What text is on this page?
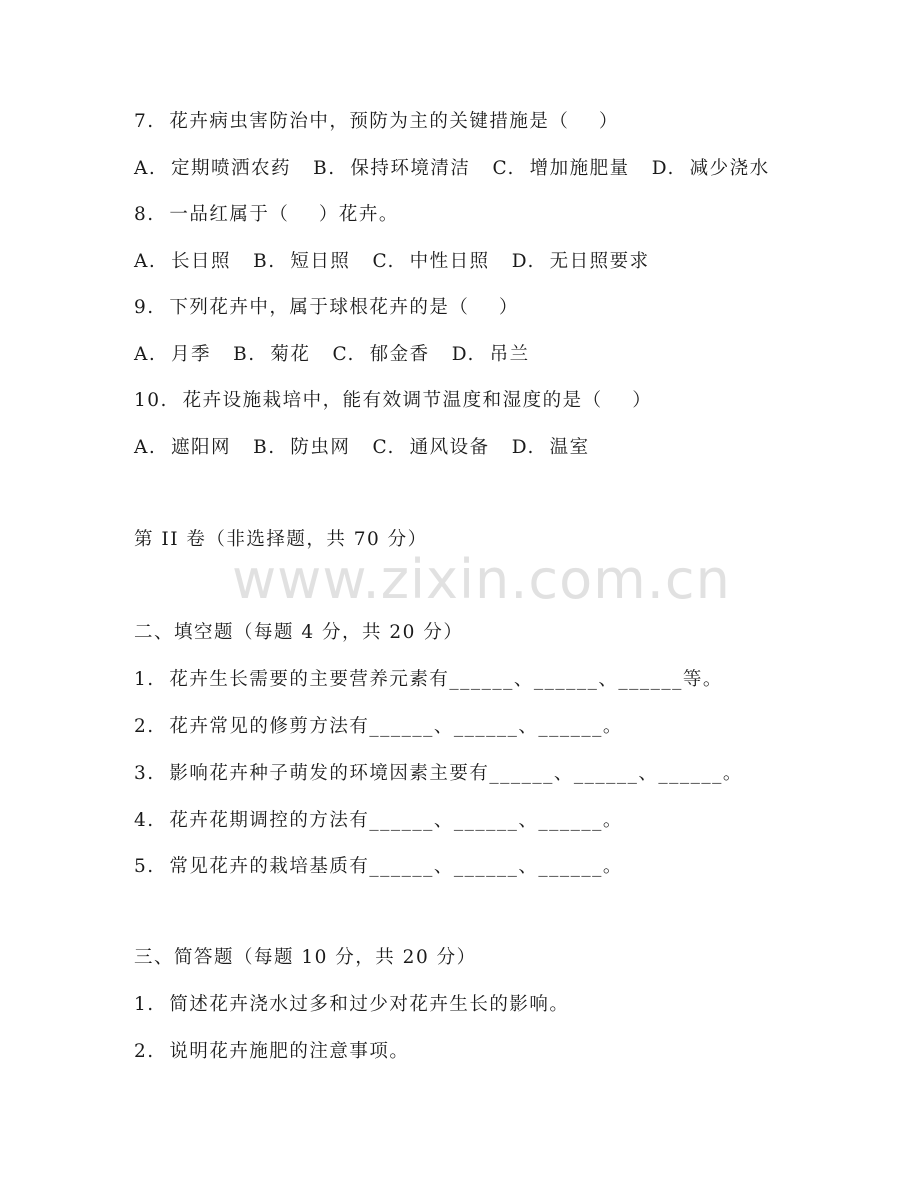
7.  花卉病虫害防治中，预防为主的关键措施是（    ）
A.  定期喷洒农药   B.  保持环境清洁   C.  增加施肥量   D.  减少浇水
8.  一品红属于（    ）花卉。
A.  长日照   B.  短日照   C.  中性日照   D.  无日照要求
9.  下列花卉中，属于球根花卉的是（    ）
A.  月季   B.  菊花   C.  郁金香   D.  吊兰
10.  花卉设施栽培中，能有效调节温度和湿度的是（    ）
A.  遮阳网   B.  防虫网   C.  通风设备   D.  温室
第 II 卷（非选择题，共 70 分）
www.zixin.com.cn
二、填空题（每题 4 分，共 20 分）
1.  花卉生长需要的主要营养元素有______、______、______等。
2.  花卉常见的修剪方法有______、______、______。
3.  影响花卉种子萌发的环境因素主要有______、______、______。
4.  花卉花期调控的方法有______、______、______。
5.  常见花卉的栽培基质有______、______、______。
三、简答题（每题 10 分，共 20 分）
1.  简述花卉浇水过多和过少对花卉生长的影响。
2.  说明花卉施肥的注意事项。
